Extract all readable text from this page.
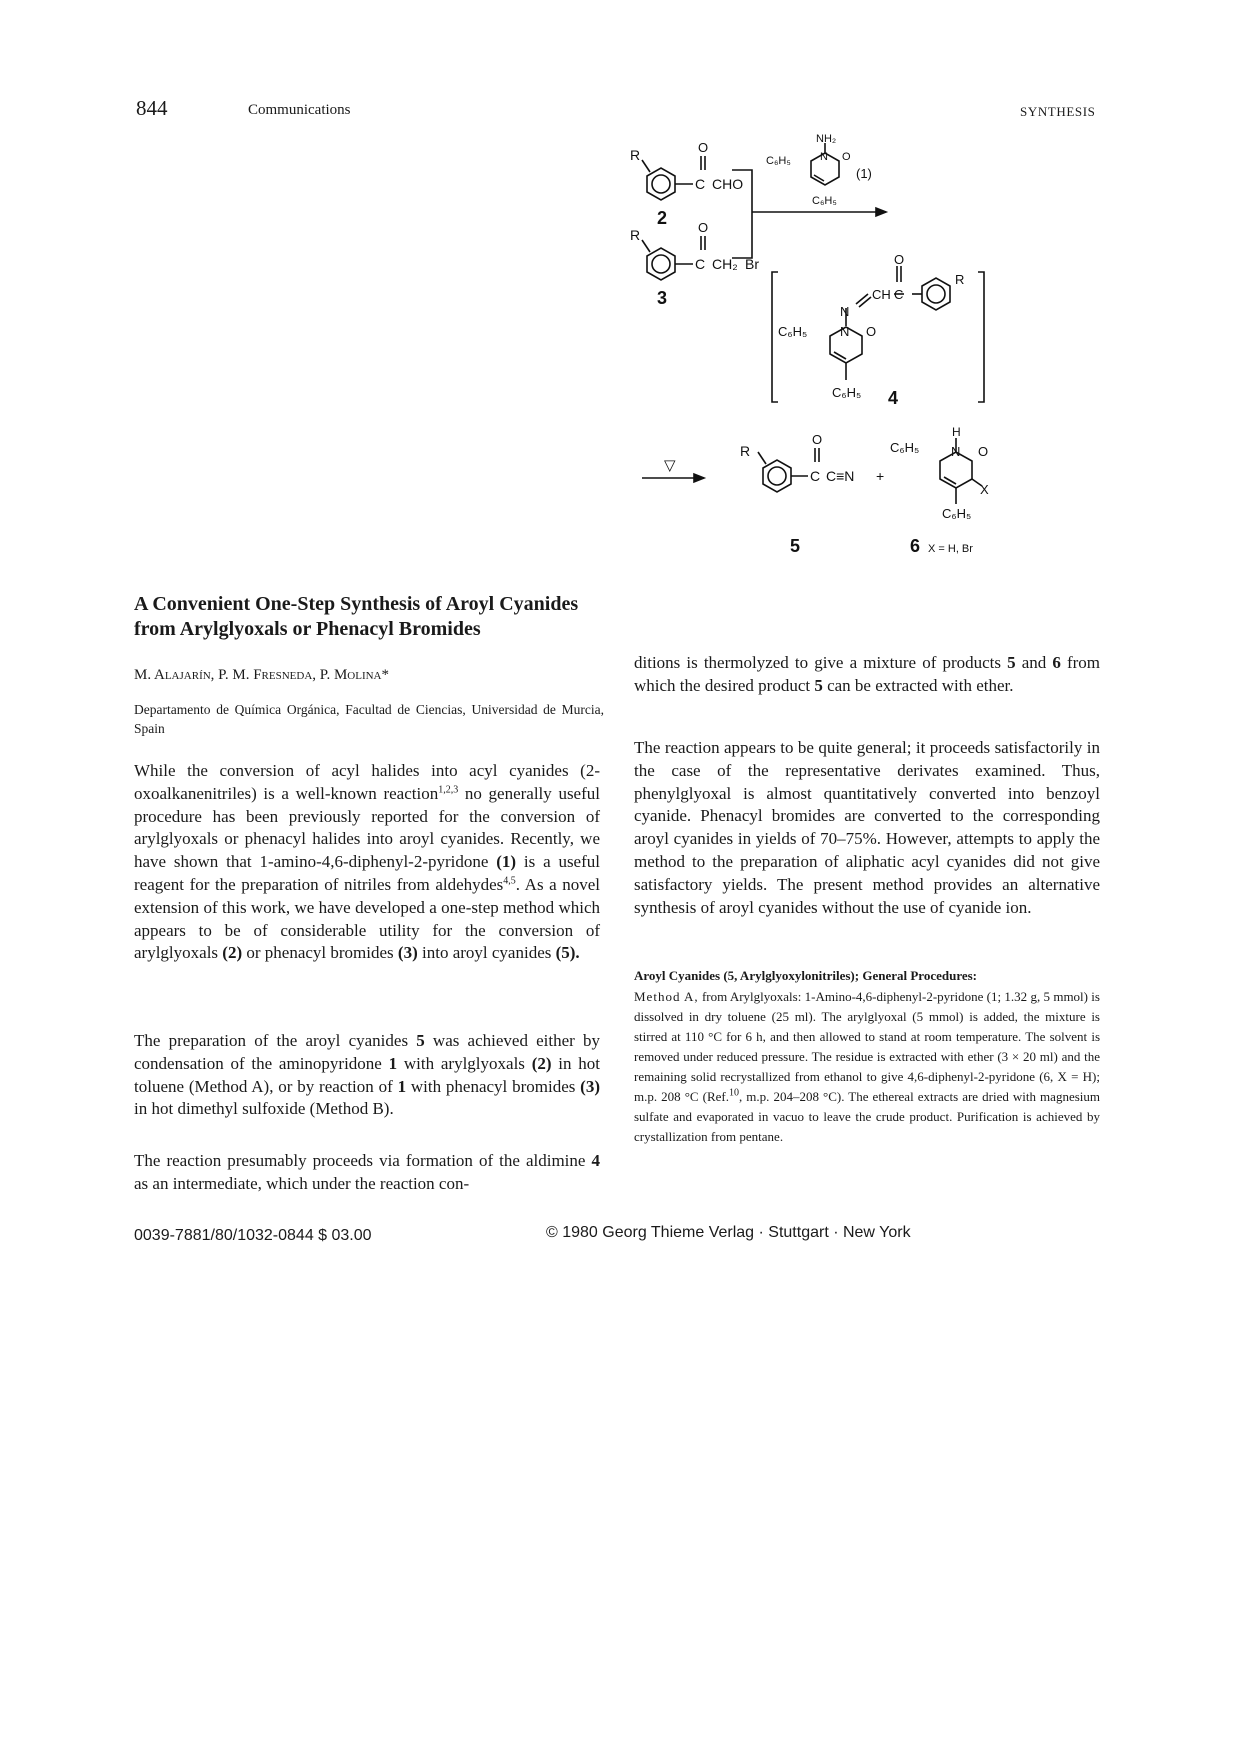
844	Communications	SYNTHESIS
R	O
C CHO
2
R	O
C CH₂ Br
3
NH₂
C₆H₅	N O
C₆H₅
(1)
N
CH C
O
R
C₆H₅	N O
C₆H₅ 4
▽
R
O
C C≡N +
5
H
C₆H₅ N O
X
C₆H₅
6 X = H, Br
A Convenient One-Step Synthesis of Aroyl Cyanides from Arylglyoxals or Phenacyl Bromides
M. Alajarín, P. M. Fresneda, P. Molina*
Departamento de Química Orgánica, Facultad de Ciencias, Universidad de Murcia, Spain

While the conversion of acyl halides into acyl cyanides (2-oxoalkanenitriles) is a well-known reaction$^{1,2,3}$ no generally useful procedure has been previously reported for the conversion of arylglyoxals or phenacyl halides into aroyl cyanides. Recently, we have shown that 1-amino-4,6-diphenyl-2-pyridone (1) is a useful reagent for the preparation of nitriles from aldehydes$^{4,5}$. As a novel extension of this work, we have developed a one-step method which appears to be of considerable utility for the conversion of arylglyoxals (2) or phenacyl bromides (3) into aroyl cyanides (5).

The preparation of the aroyl cyanides 5 was achieved either by condensation of the aminopyridone 1 with arylglyoxals (2) in hot toluene (Method A), or by reaction of 1 with phenacyl bromides (3) in hot dimethyl sulfoxide (Method B).

The reaction presumably proceeds via formation of the aldimine 4 as an intermediate, which under the reaction con-

ditions is thermolyzed to give a mixture of products 5 and 6 from which the desired product 5 can be extracted with ether.

The reaction appears to be quite general; it proceeds satisfactorily in the case of the representative derivates examined. Thus, phenylglyoxal is almost quantitatively converted into benzoyl cyanide. Phenacyl bromides are converted to the corresponding aroyl cyanides in yields of 70–75%. However, attempts to apply the method to the preparation of aliphatic acyl cyanides did not give satisfactory yields. The present method provides an alternative synthesis of aroyl cyanides without the use of cyanide ion.

Aroyl Cyanides (5, Arylglyoxylonitriles); General Procedures:

Method A, from Arylglyoxals: 1-Amino-4,6-diphenyl-2-pyridone (1; 1.32 g, 5 mmol) is dissolved in dry toluene (25 ml). The arylglyoxal (5 mmol) is added, the mixture is stirred at 110 °C for 6 h, and then allowed to stand at room temperature. The solvent is removed under reduced pressure. The residue is extracted with ether (3 × 20 ml) and the remaining solid recrystallized from ethanol to give 4,6-diphenyl-2-pyridone (6, X = H); m.p. 208 °C (Ref.$^{10}$, m.p. 204–208 °C). The ethereal extracts are dried with magnesium sulfate and evaporated in vacuo to leave the crude product. Purification is achieved by crystallization from pentane.

0039-7881/80/1032-0844 $ 03.00	© 1980 Georg Thieme Verlag · Stuttgart · New York
